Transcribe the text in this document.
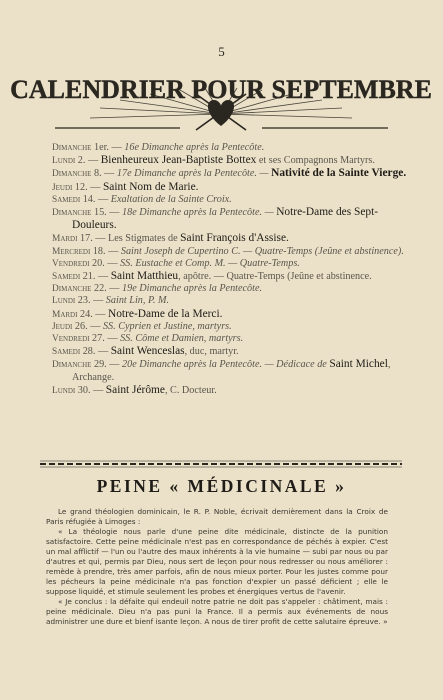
5
CALENDRIER POUR SEPTEMBRE
Dimanche 1er. — 16e Dimanche après la Pentecôte.
Lundi 2. — Bienheureux Jean-Baptiste Bottex et ses Compagnons Martyrs.
Dimanche 8. — 17e Dimanche après la Pentecôte. — Nativité de la Sainte Vierge.
Jeudi 12. — Saint Nom de Marie.
Samedi 14. — Exaltation de la Sainte Croix.
Dimanche 15. — 18e Dimanche après la Pentecôte. — Notre-Dame des Sept-Douleurs.
Mardi 17. — Les Stigmates de Saint François d'Assise.
Mercredi 18. — Saint Joseph de Cupertino C. — Quatre-Temps (Jeûne et abstinence).
Vendredi 20. — SS. Eustache et Comp. M. — Quatre-Temps.
Samedi 21. — Saint Matthieu, apôtre. — Quatre-Temps (Jeûne et abstinence.
Dimanche 22. — 19e Dimanche après la Pentecôte.
Lundi 23. — Saint Lin, P. M.
Mardi 24. — Notre-Dame de la Merci.
Jeudi 26. — SS. Cyprien et Justine, martyrs.
Vendredi 27. — SS. Côme et Damien, martyrs.
Samedi 28. — Saint Wenceslas, duc, martyr.
Dimanche 29. — 20e Dimanche après la Pentecôte. — Dédicace de Saint Michel, Archange.
Lundi 30. — Saint Jérôme, C. Docteur.
PEINE « MÉDICINALE »

Le grand théologien dominicain, le R. P. Noble, écrivait dernièrement dans la Croix de Paris réfugiée à Limoges :

« La théologie nous parle d'une peine dite médicinale, distincte de la punition satisfactoire. Cette peine médicinale n'est pas en correspondance de péchés à expier. C'est un mal afflictif — l'un ou l'autre des maux inhérents à la vie humaine — subi par nous ou par d'autres et qui, permis par Dieu, nous sert de leçon pour nous redresser ou nous améliorer : remède à prendre, très amer parfois, afin de nous mieux porter. Pour les justes comme pour les pécheurs la peine médicinale n'a pas fonction d'expier un passé déficient ; elle le suppose liquidé, et stimule seulement les probes et énergiques vertus de l'avenir.

« Je conclus : la défaite qui endeuil notre patrie ne doit pas s'appeler : châtiment, mais : peine médicinale. Dieu n'a pas puni la France. Il a permis aux événements de nous administrer une dure et bienf isante leçon. A nous de tirer profit de cette salutaire épreuve. »
